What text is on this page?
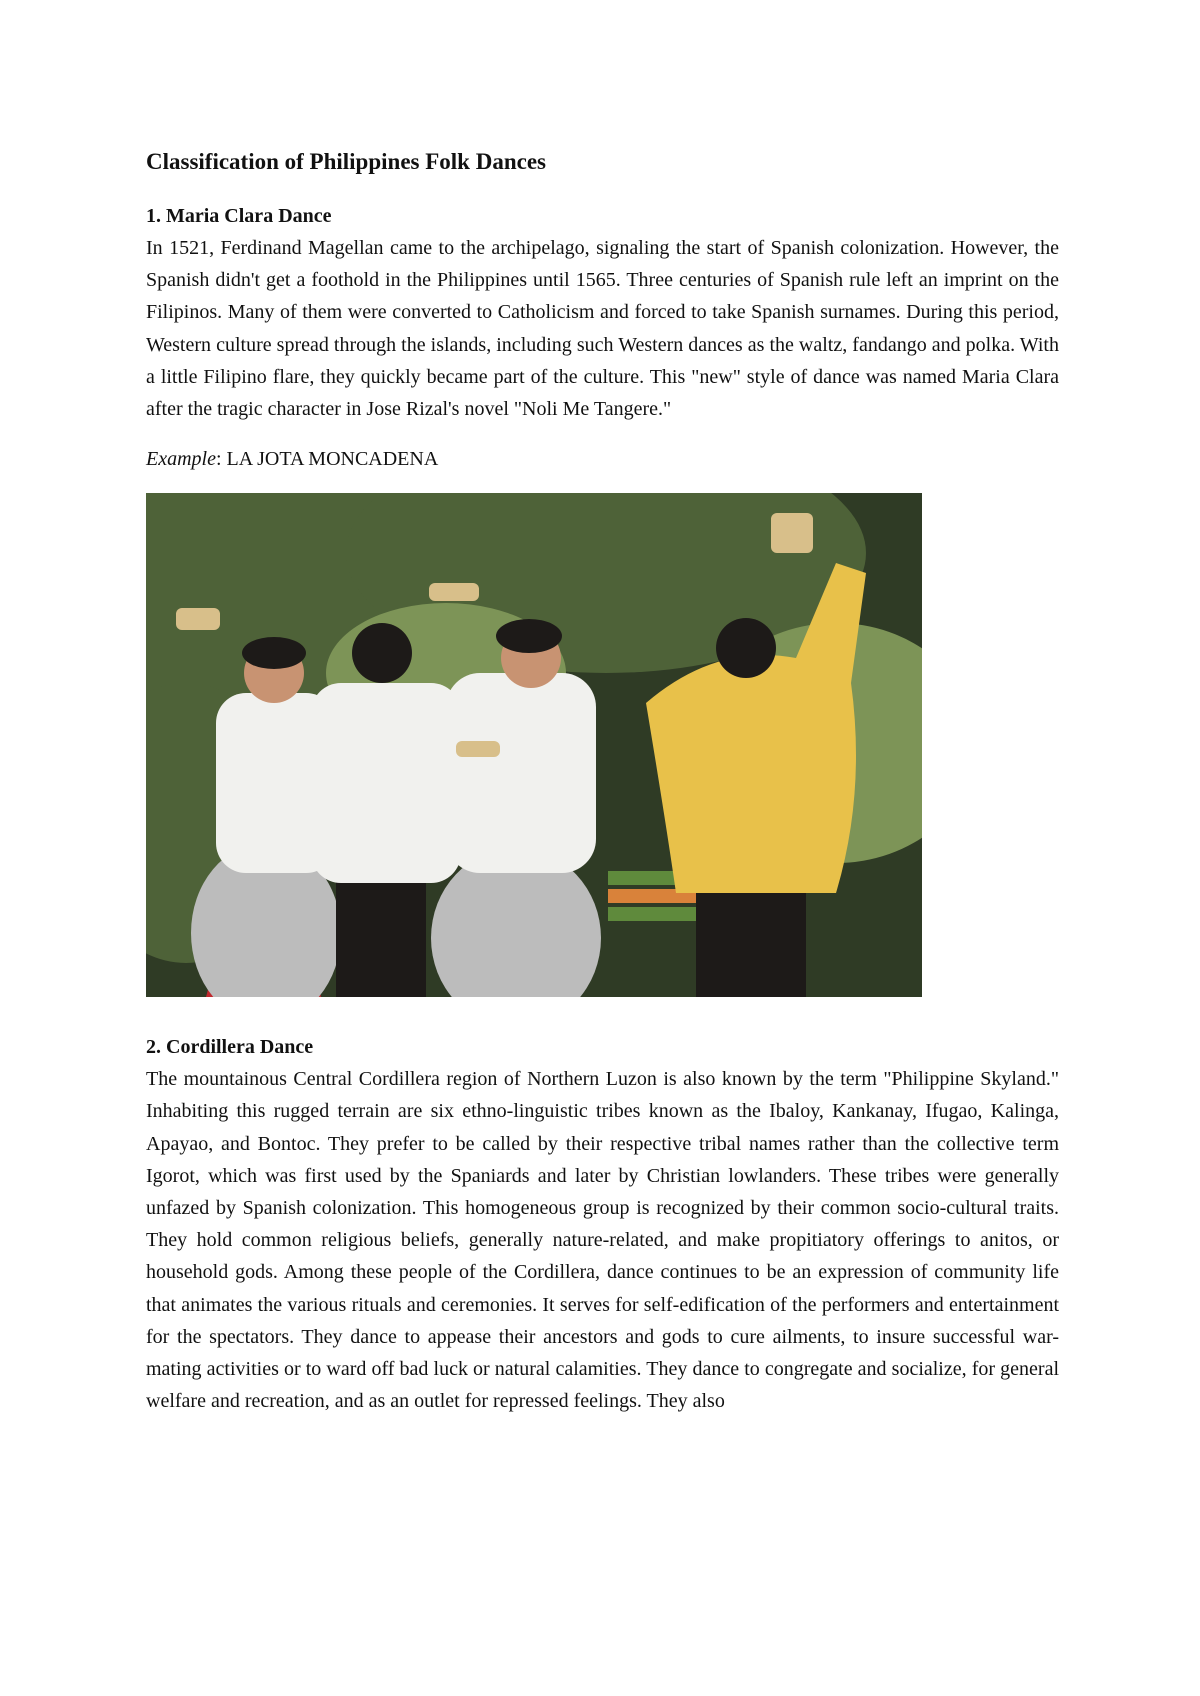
Classification of Philippines Folk Dances
1. Maria Clara Dance

In 1521, Ferdinand Magellan came to the archipelago, signaling the start of Spanish colonization. However, the Spanish didn't get a foothold in the Philippines until 1565. Three centuries of Spanish rule left an imprint on the Filipinos. Many of them were converted to Catholicism and forced to take Spanish surnames. During this period, Western culture spread through the islands, including such Western dances as the waltz, fandango and polka. With a little Filipino flare, they quickly became part of the culture. This "new" style of dance was named Maria Clara after the tragic character in Jose Rizal's novel "Noli Me Tangere."

Example: LA JOTA MONCADENA

2. Cordillera Dance

The mountainous Central Cordillera region of Northern Luzon is also known by the term "Philippine Skyland." Inhabiting this rugged terrain are six ethno-linguistic tribes known as the Ibaloy, Kankanay, Ifugao, Kalinga, Apayao, and Bontoc. They prefer to be called by their respective tribal names rather than the collective term Igorot, which was first used by the Spaniards and later by Christian lowlanders. These tribes were generally unfazed by Spanish colonization. This homogeneous group is recognized by their common socio-cultural traits. They hold common religious beliefs, generally nature-related, and make propitiatory offerings to anitos, or household gods. Among these people of the Cordillera, dance continues to be an expression of community life that animates the various rituals and ceremonies. It serves for self-edification of the performers and entertainment for the spectators. They dance to appease their ancestors and gods to cure ailments, to insure successful war-mating activities or to ward off bad luck or natural calamities. They dance to congregate and socialize, for general welfare and recreation, and as an outlet for repressed feelings. They also
